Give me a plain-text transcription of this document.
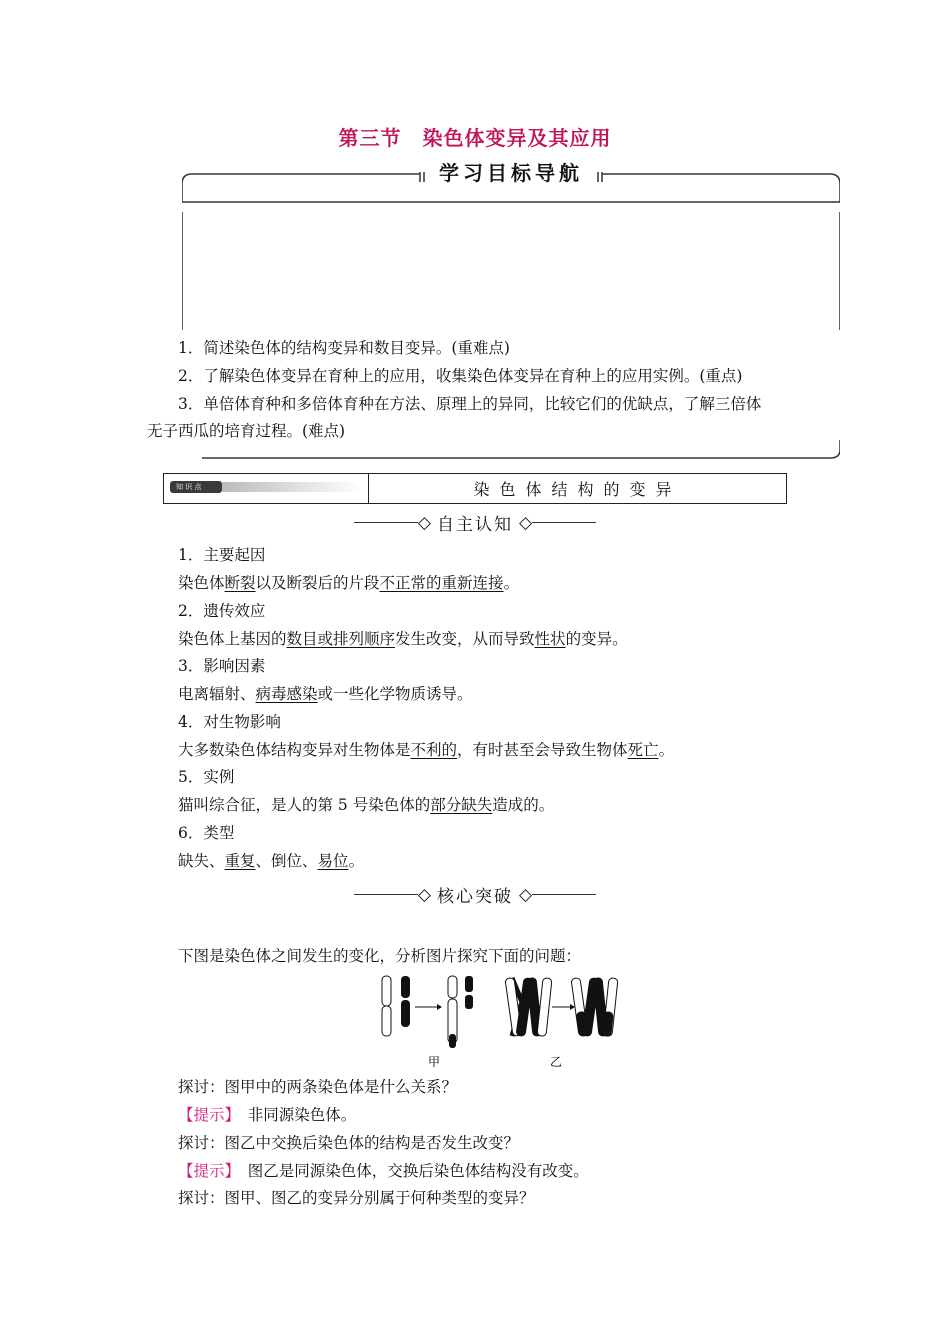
第三节　染色体变异及其应用
学习目标导航
1．简述染色体的结构变异和数目变异。(重难点)
2．了解染色体变异在育种上的应用，收集染色体变异在育种上的应用实例。(重点)
3．单倍体育种和多倍体育种在方法、原理上的异同，比较它们的优缺点，了解三倍体
无子西瓜的培育过程。(难点)
知 识 点	染色体结构的变异
◇ 自主认知 ◇
1．主要起因
染色体断裂以及断裂后的片段不正常的重新连接。
2．遗传效应
染色体上基因的数目或排列顺序发生改变，从而导致性状的变异。
3．影响因素
电离辐射、病毒感染或一些化学物质诱导。
4．对生物影响
大多数染色体结构变异对生物体是不利的，有时甚至会导致生物体死亡。
5．实例
猫叫综合征，是人的第 5 号染色体的部分缺失造成的。
6．类型
缺失、重复、倒位、易位。
◇ 核心突破 ◇
下图是染色体之间发生的变化，分析图片探究下面的问题：
甲	乙
探讨：图甲中的两条染色体是什么关系？
【提示】　 非同源染色体。
探讨：图乙中交换后染色体的结构是否发生改变？
【提示】　 图乙是同源染色体，交换后染色体结构没有改变。
探讨：图甲、图乙的变异分别属于何种类型的变异？
